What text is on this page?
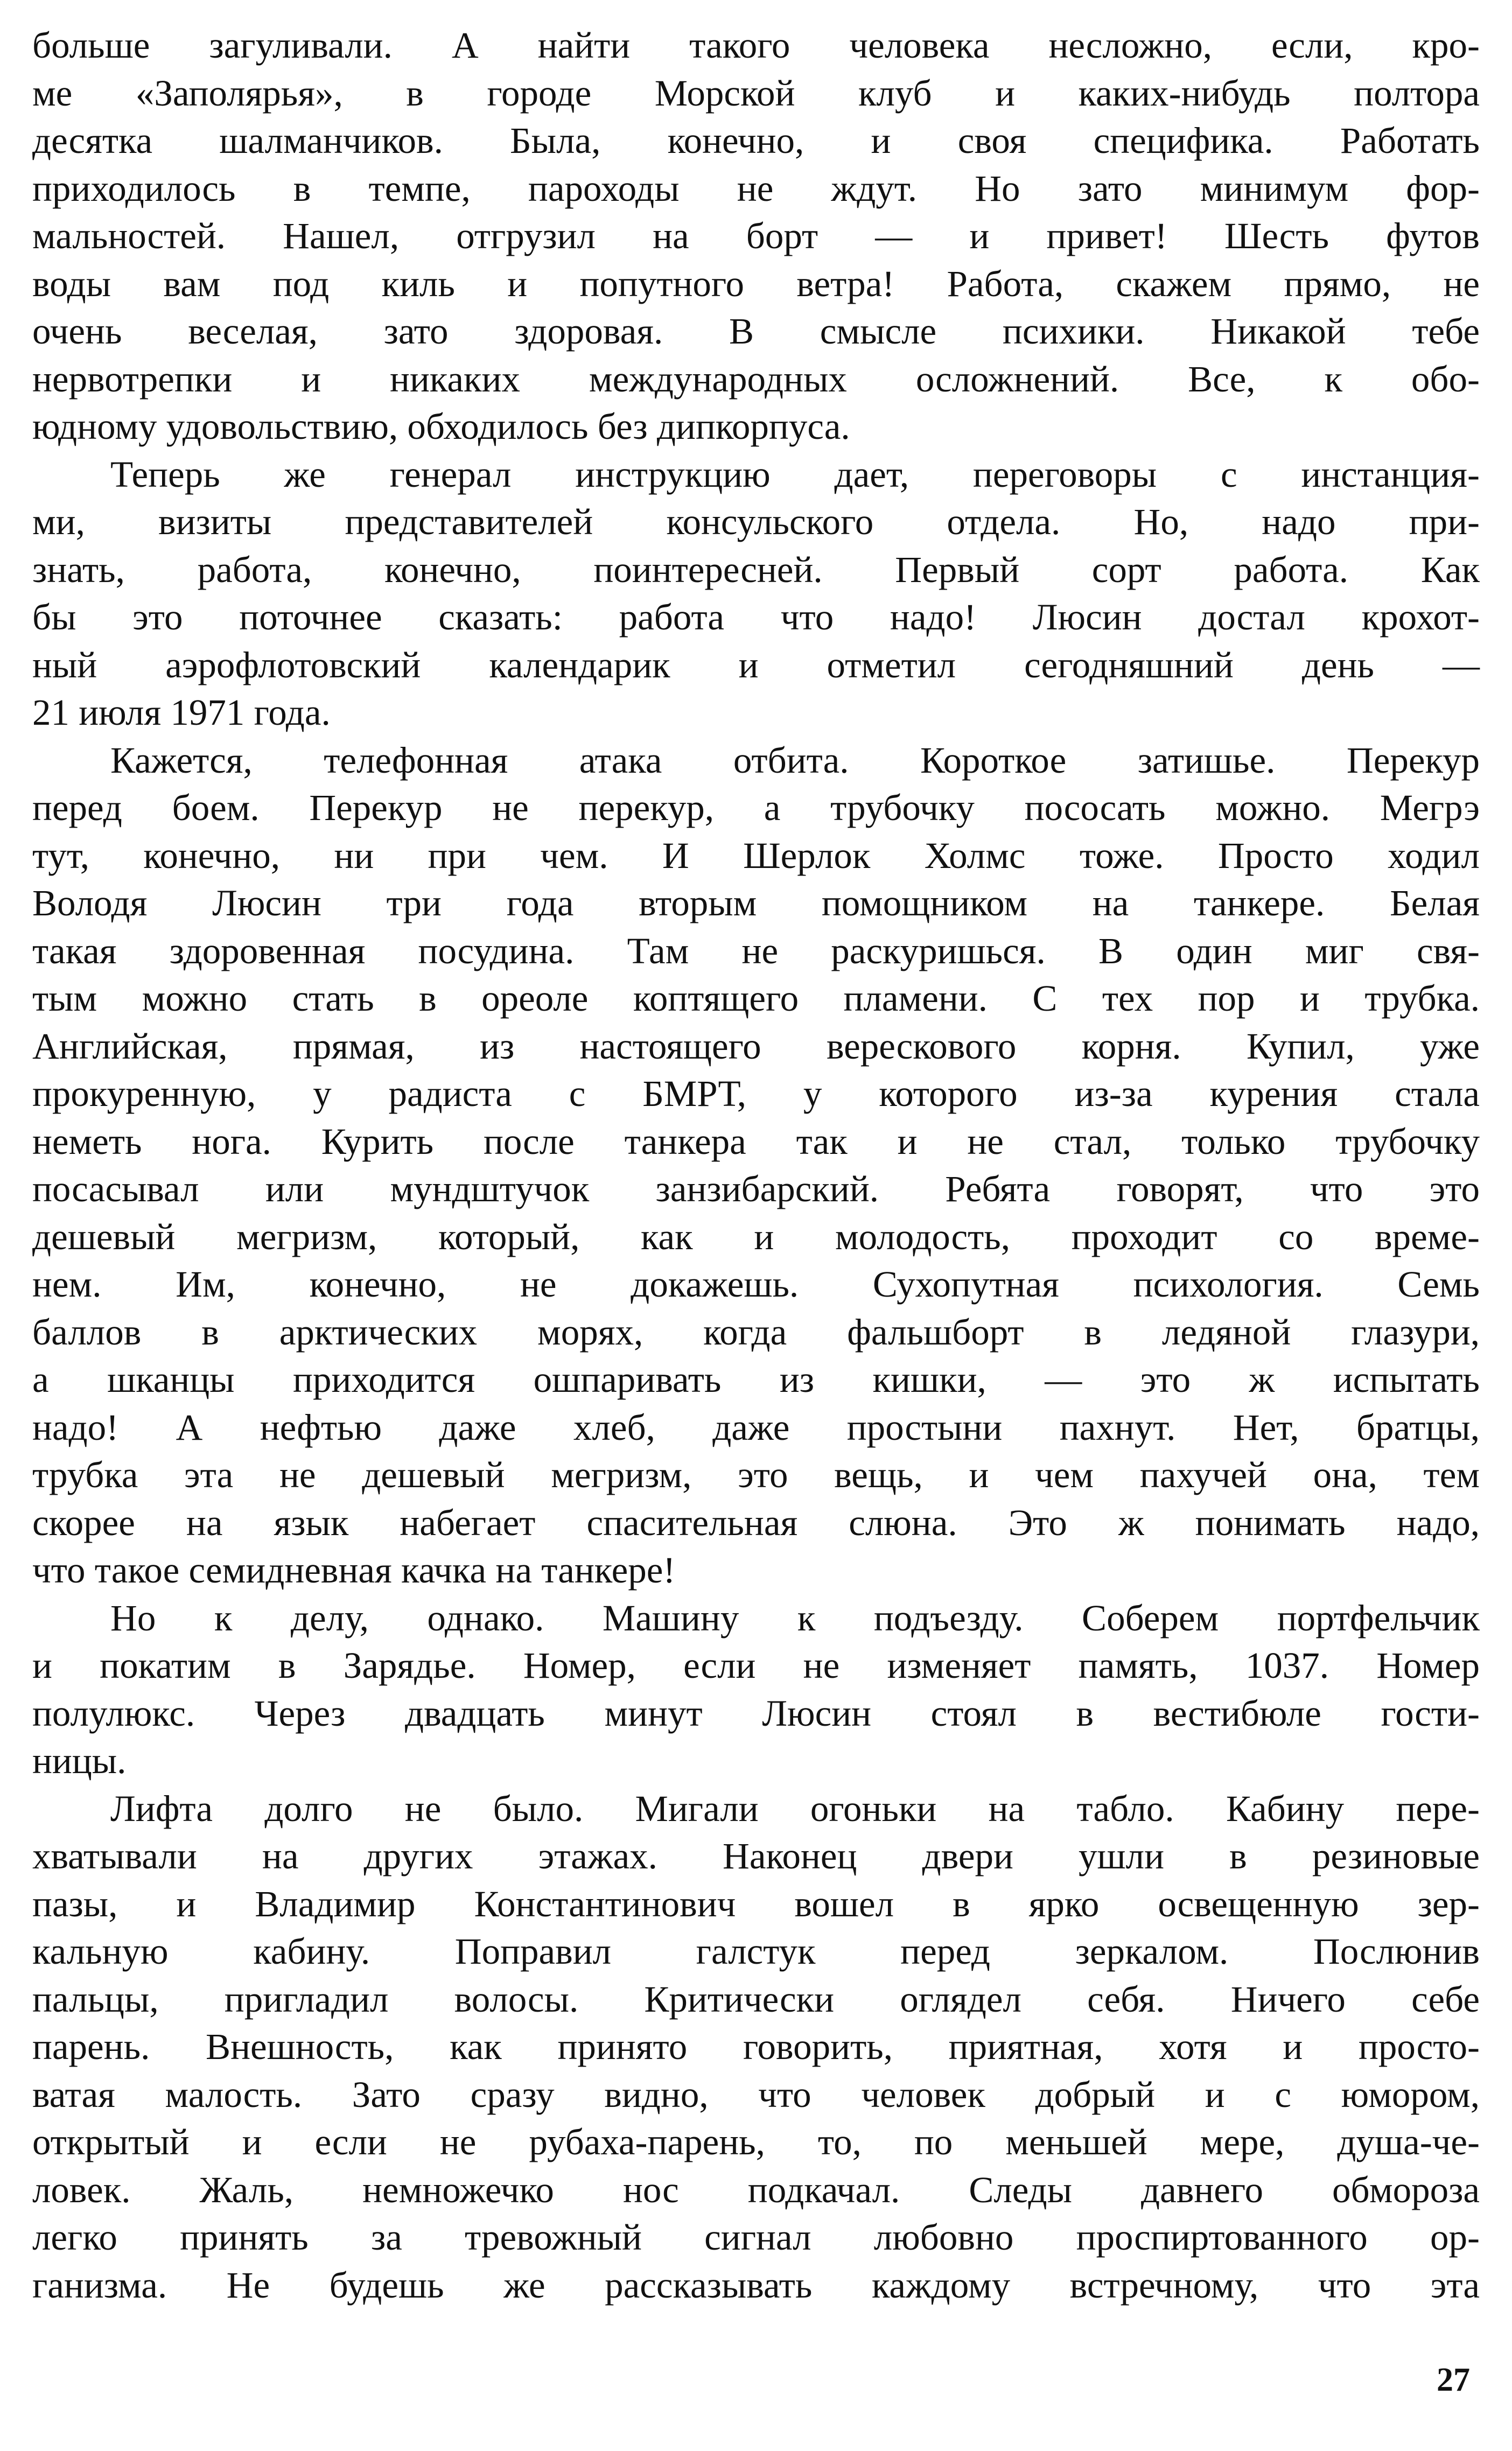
больше загуливали. А найти такого человека несложно, если, кро-
ме «Заполярья», в городе Морской клуб и каких-нибудь полтора
десятка шалманчиков. Была, конечно, и своя специфика. Работать
приходилось в темпе, пароходы не ждут. Но зато минимум фор-
мальностей. Нашел, отгрузил на борт — и привет! Шесть футов
воды вам под киль и попутного ветра! Работа, скажем прямо, не
очень веселая, зато здоровая. В смысле психики. Никакой тебе
нервотрепки и никаких международных осложнений. Все, к обо-
юдному удовольствию, обходилось без дипкорпуса.
Теперь же генерал инструкцию дает, переговоры с инстанция-
ми, визиты представителей консульского отдела. Но, надо при-
знать, работа, конечно, поинтересней. Первый сорт работа. Как
бы это поточнее сказать: работа что надо! Люсин достал крохот-
ный аэрофлотовский календарик и отметил сегодняшний день —
21 июля 1971 года.
Кажется, телефонная атака отбита. Короткое затишье. Перекур
перед боем. Перекур не перекур, а трубочку пососать можно. Мегрэ
тут, конечно, ни при чем. И Шерлок Холмс тоже. Просто ходил
Володя Люсин три года вторым помощником на танкере. Белая
такая здоровенная посудина. Там не раскуришься. В один миг свя-
тым можно стать в ореоле коптящего пламени. С тех пор и трубка.
Английская, прямая, из настоящего верескового корня. Купил, уже
прокуренную, у радиста с БМРТ, у которого из-за курения стала
неметь нога. Курить после танкера так и не стал, только трубочку
посасывал или мундштучок занзибарский. Ребята говорят, что это
дешевый мегризм, который, как и молодость, проходит со време-
нем. Им, конечно, не докажешь. Сухопутная психология. Семь
баллов в арктических морях, когда фальшборт в ледяной глазури,
а шканцы приходится ошпаривать из кишки, — это ж испытать
надо! А нефтью даже хлеб, даже простыни пахнут. Нет, братцы,
трубка эта не дешевый мегризм, это вещь, и чем пахучей она, тем
скорее на язык набегает спасительная слюна. Это ж понимать надо,
что такое семидневная качка на танкере!
Но к делу, однако. Машину к подъезду. Соберем портфельчик
и покатим в Зарядье. Номер, если не изменяет память, 1037. Номер
полулюкс. Через двадцать минут Люсин стоял в вестибюле гости-
ницы.
Лифта долго не было. Мигали огоньки на табло. Кабину пере-
хватывали на других этажах. Наконец двери ушли в резиновые
пазы, и Владимир Константинович вошел в ярко освещенную зер-
кальную кабину. Поправил галстук перед зеркалом. Послюнив
пальцы, пригладил волосы. Критически оглядел себя. Ничего себе
парень. Внешность, как принято говорить, приятная, хотя и просто-
ватая малость. Зато сразу видно, что человек добрый и с юмором,
открытый и если не рубаха-парень, то, по меньшей мере, душа-че-
ловек. Жаль, немножечко нос подкачал. Следы давнего обмороза
легко принять за тревожный сигнал любовно проспиртованного ор-
ганизма. Не будешь же рассказывать каждому встречному, что эта
27
